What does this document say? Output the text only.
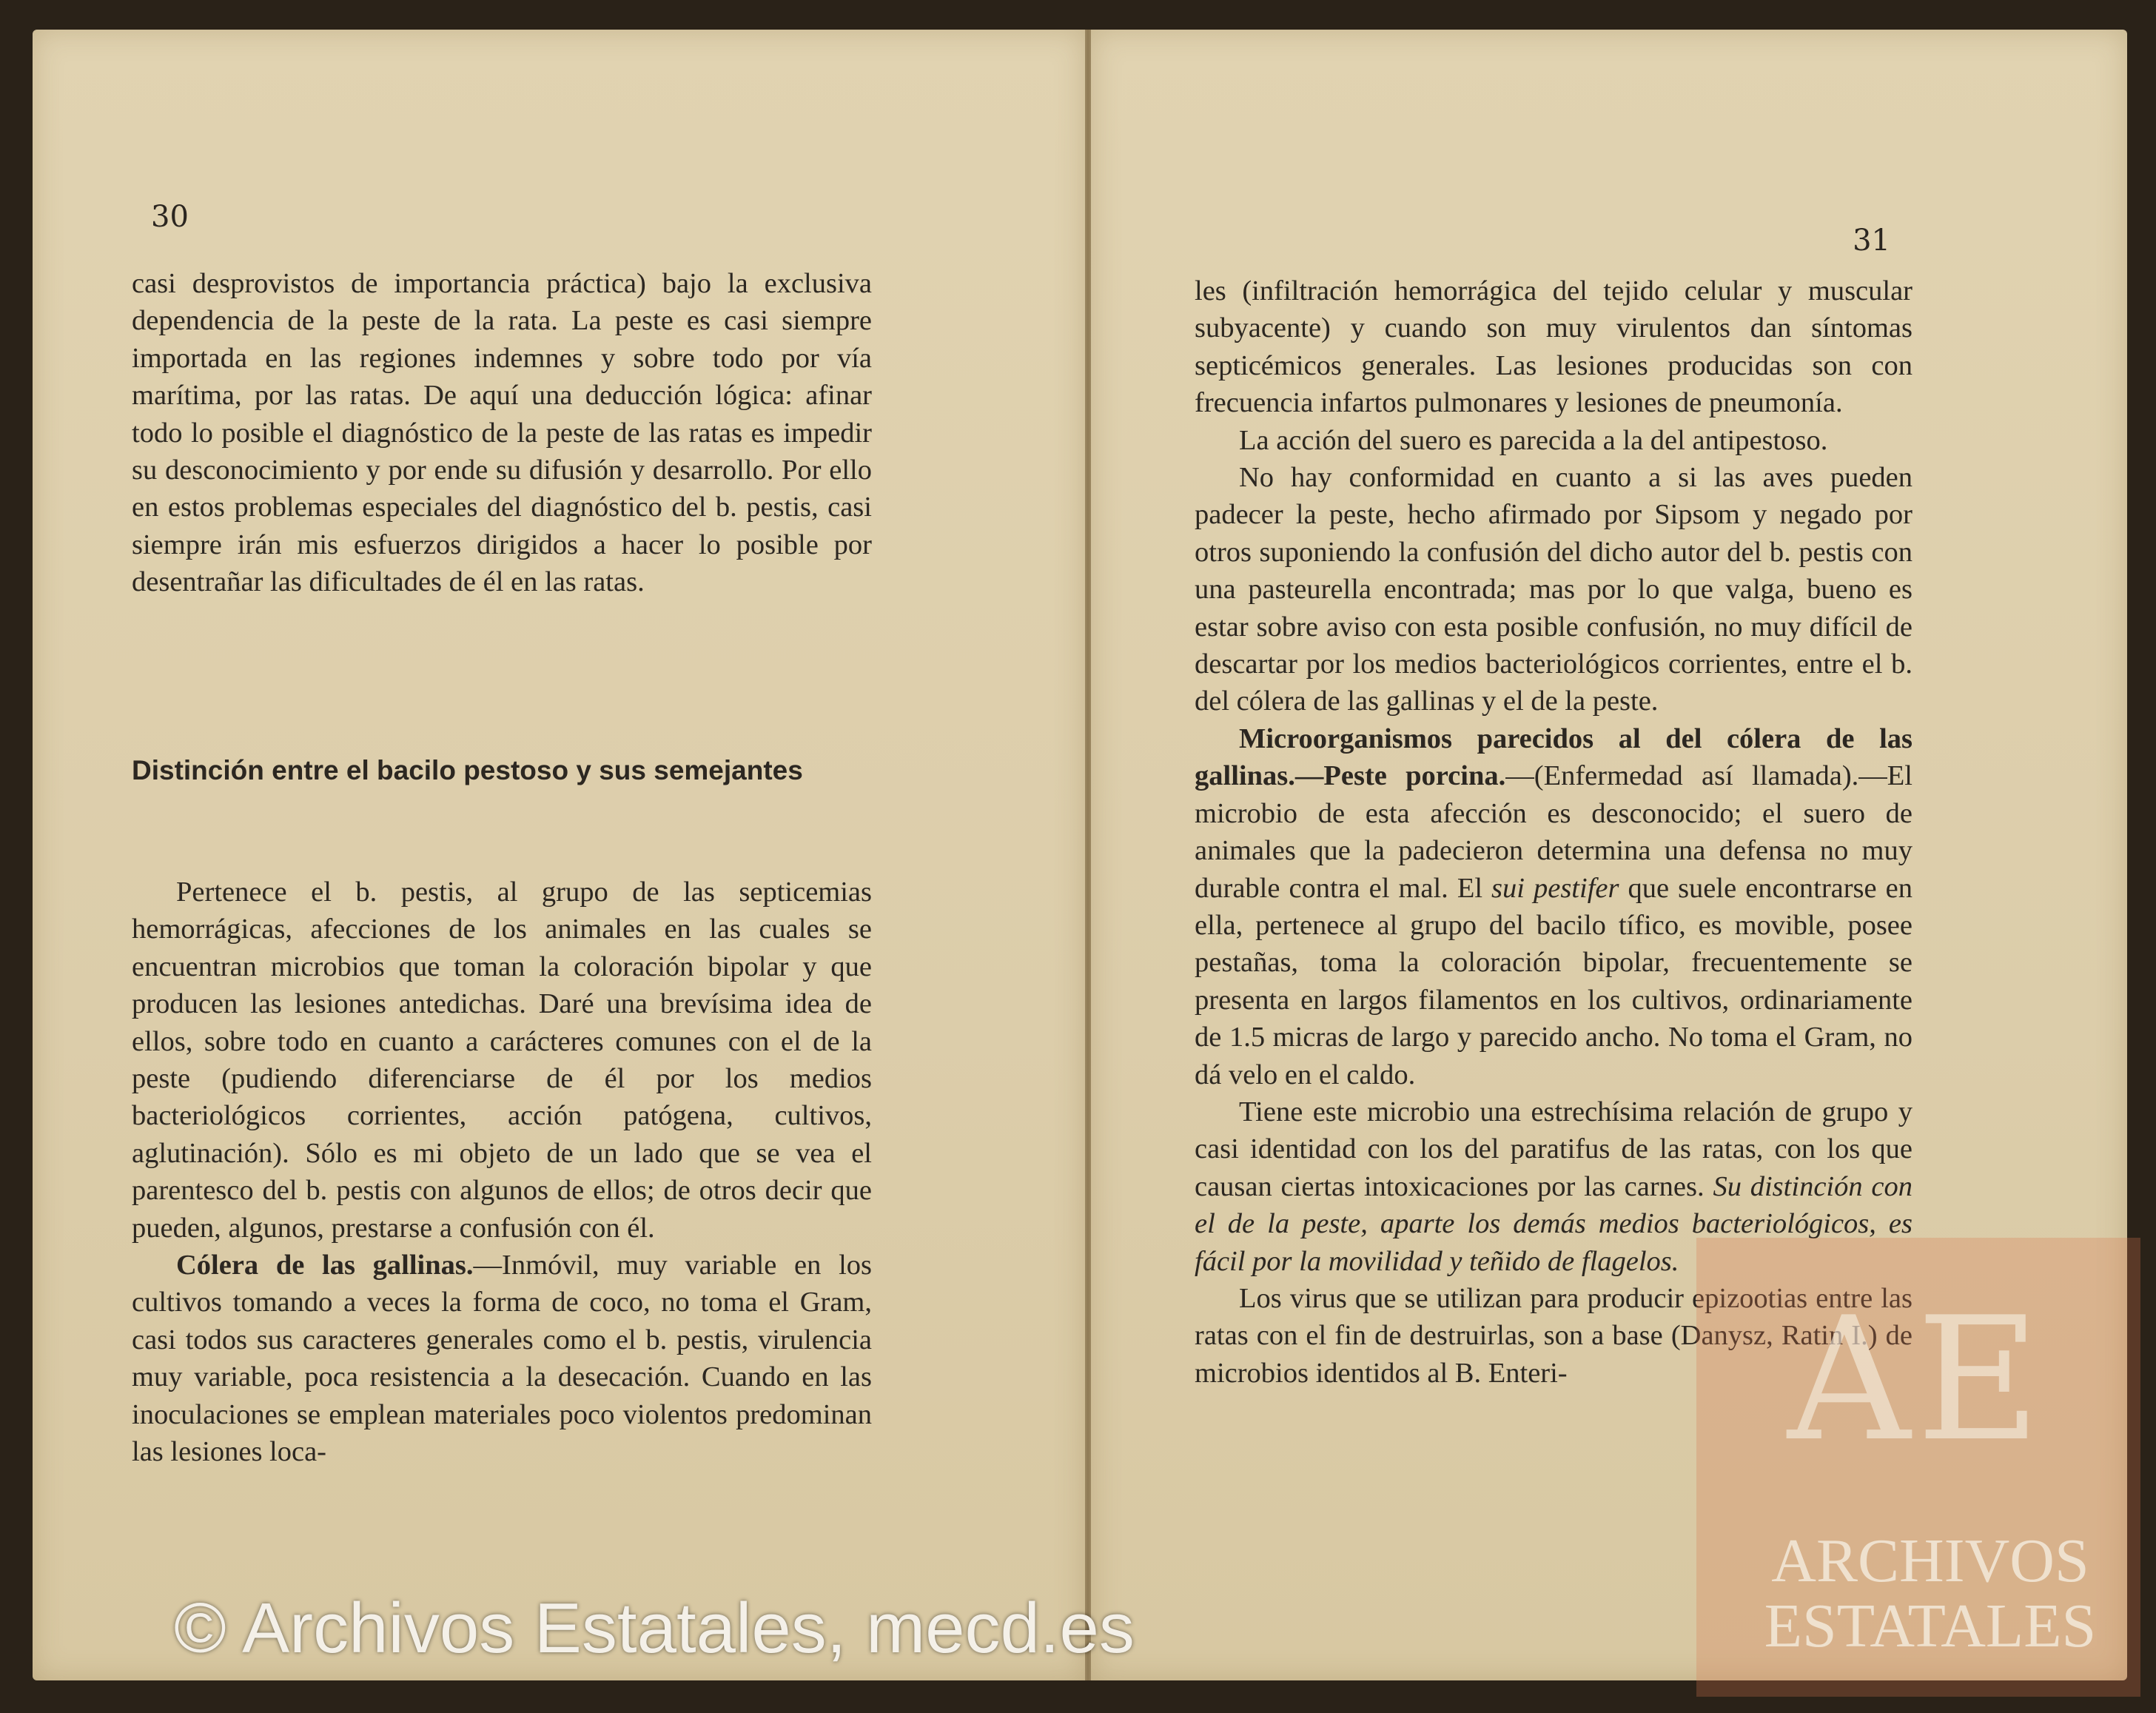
30

casi desprovistos de importancia práctica) bajo la exclusiva dependencia de la peste de la rata. La peste es casi siempre importada en las regiones indemnes y sobre todo por vía marítima, por las ratas. De aquí una deducción lógica: afinar todo lo posible el diagnóstico de la peste de las ratas es impedir su desconocimiento y por ende su difusión y desarrollo. Por ello en estos problemas especiales del diagnóstico del b. pestis, casi siempre irán mis esfuerzos dirigidos a hacer lo posible por desentrañar las dificultades de él en las ratas.

Distinción entre el bacilo pestoso y sus semejantes

Pertenece el b. pestis, al grupo de las septicemias hemorrágicas, afecciones de los animales en las cuales se encuentran microbios que toman la coloración bipolar y que producen las lesiones antedichas. Daré una brevísima idea de ellos, sobre todo en cuanto a carácteres comunes con el de la peste (pudiendo diferenciarse de él por los medios bacteriológicos corrientes, acción patógena, cultivos, aglutinación). Sólo es mi objeto de un lado que se vea el parentesco del b. pestis con algunos de ellos; de otros decir que pueden, algunos, prestarse a confusión con él.

Cólera de las gallinas.—Inmóvil, muy variable en los cultivos tomando a veces la forma de coco, no toma el Gram, casi todos sus caracteres generales como el b. pestis, virulencia muy variable, poca resistencia a la desecación. Cuando en las inoculaciones se emplean materiales poco violentos predominan las lesiones loca-

31

les (infiltración hemorrágica del tejido celular y muscular subyacente) y cuando son muy virulentos dan síntomas septicémicos generales. Las lesiones producidas son con frecuencia infartos pulmonares y lesiones de pneumonía.

La acción del suero es parecida a la del antipestoso.

No hay conformidad en cuanto a si las aves pueden padecer la peste, hecho afirmado por Sipsom y negado por otros suponiendo la confusión del dicho autor del b. pestis con una pasteurella encontrada; mas por lo que valga, bueno es estar sobre aviso con esta posible confusión, no muy difícil de descartar por los medios bacteriológicos corrientes, entre el b. del cólera de las gallinas y el de la peste.

Microorganismos parecidos al del cólera de las gallinas.—Peste porcina.—(Enfermedad así llamada).—El microbio de esta afección es desconocido; el suero de animales que la padecieron determina una defensa no muy durable contra el mal. El sui pestifer que suele encontrarse en ella, pertenece al grupo del bacilo tífico, es movible, posee pestañas, toma la coloración bipolar, frecuentemente se presenta en largos filamentos en los cultivos, ordinariamente de 1.5 micras de largo y parecido ancho. No toma el Gram, no dá velo en el caldo.

Tiene este microbio una estrechísima relación de grupo y casi identidad con los del paratifus de las ratas, con los que causan ciertas intoxicaciones por las carnes. Su distinción con el de la peste, aparte los demás medios bacteriológicos, es fácil por la movilidad y teñido de flagelos.

Los virus que se utilizan para producir epizootias entre las ratas con el fin de destruirlas, son a base (Danysz, Ratin I.) de microbios identidos al B. Enteri-	AE
ARCHIVOS
ESTATALES
© Archivos Estatales, mecd.es
